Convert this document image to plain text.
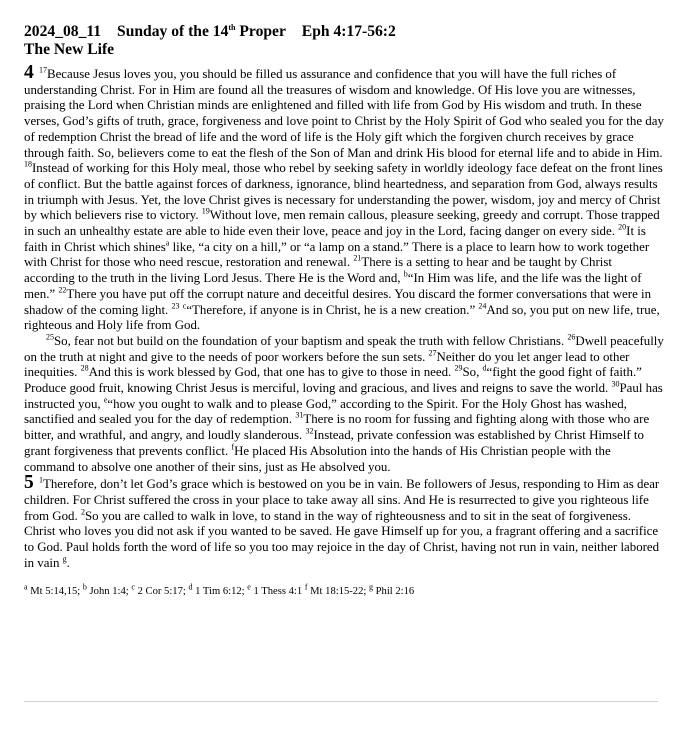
2024_08_11 Sunday of the 14th Proper Eph 4:17-56:2
The New Life

4 $^{17}$Because Jesus loves you, you should be filled us assurance and confidence that you will have the full riches of understanding Christ. For in Him are found all the treasures of wisdom and knowledge. Of His love you are witnesses, praising the Lord when Christian minds are enlightened and filled with life from God by His wisdom and truth. In these verses, God’s gifts of truth, grace, forgiveness and love point to Christ by the Holy Spirit of God who sealed you for the day of redemption Christ the bread of life and the word of life is the Holy gift which the forgiven church receives by grace through faith. So, believers come to eat the flesh of the Son of Man and drink His blood for eternal life and to abide in Him. $^{18}$Instead of working for this Holy meal, those who rebel by seeking safety in worldly ideology face defeat on the front lines of conflict. But the battle against forces of darkness, ignorance, blind heartedness, and separation from God, always results in triumph with Jesus. Yet, the love Christ gives is necessary for understanding the power, wisdom, joy and mercy of Christ by which believers rise to victory. $^{19}$Without love, men remain callous, pleasure seeking, greedy and corrupt. Those trapped in such an unhealthy estate are able to hide even their love, peace and joy in the Lord, facing danger on every side. $^{20}$It is faith in Christ which shines$^a$ like, “a city on a hill,” or “a lamp on a stand.” There is a place to learn how to work together with Christ for those who need rescue, restoration and renewal. $^{21}$There is a setting to hear and be taught by Christ according to the truth in the living Lord Jesus. There He is the Word and, $^b$“In Him was life, and the life was the light of men.” $^{22}$There you have put off the corrupt nature and deceitful desires. You discard the former conversations that were in shadow of the coming light. $^{23}$ $^c$“Therefore, if anyone is in Christ, he is a new creation.” $^{24}$And so, you put on new life, true, righteous and Holy life from God.

$^{25}$So, fear not but build on the foundation of your baptism and speak the truth with fellow Christians. $^{26}$Dwell peacefully on the truth at night and give to the needs of poor workers before the sun sets. $^{27}$Neither do you let anger lead to other inequities. $^{28}$And this is work blessed by God, that one has to give to those in need. $^{29}$So, $^d$“fight the good fight of faith.” Produce good fruit, knowing Christ Jesus is merciful, loving and gracious, and lives and reigns to save the world. $^{30}$Paul has instructed you, $^e$“how you ought to walk and to please God,” according to the Spirit. For the Holy Ghost has washed, sanctified and sealed you for the day of redemption. $^{31}$There is no room for fussing and fighting along with those who are bitter, and wrathful, and angry, and loudly slanderous. $^{32}$Instead, private confession was established by Christ Himself to grant forgiveness that prevents conflict. $^f$He placed His Absolution into the hands of His Christian people with the command to absolve one another of their sins, just as He absolved you.

5 $^1$Therefore, don’t let God’s grace which is bestowed on you be in vain. Be followers of Jesus, responding to Him as dear children. For Christ suffered the cross in your place to take away all sins. And He is resurrected to give you righteous life from God. $^2$So you are called to walk in love, to stand in the way of righteousness and to sit in the seat of forgiveness. Christ who loves you did not ask if you wanted to be saved. He gave Himself up for you, a fragrant offering and a sacrifice to God. Paul holds forth the word of life so you too may rejoice in the day of Christ, having not run in vain, neither labored in vain $^g$.

$^a$ Mt 5:14,15; $^b$ John 1:4; $^c$ 2 Cor 5:17; $^d$ 1 Tim 6:12; $^e$ 1 Thess 4:1 $^f$ Mt 18:15-22; $^g$ Phil 2:16
